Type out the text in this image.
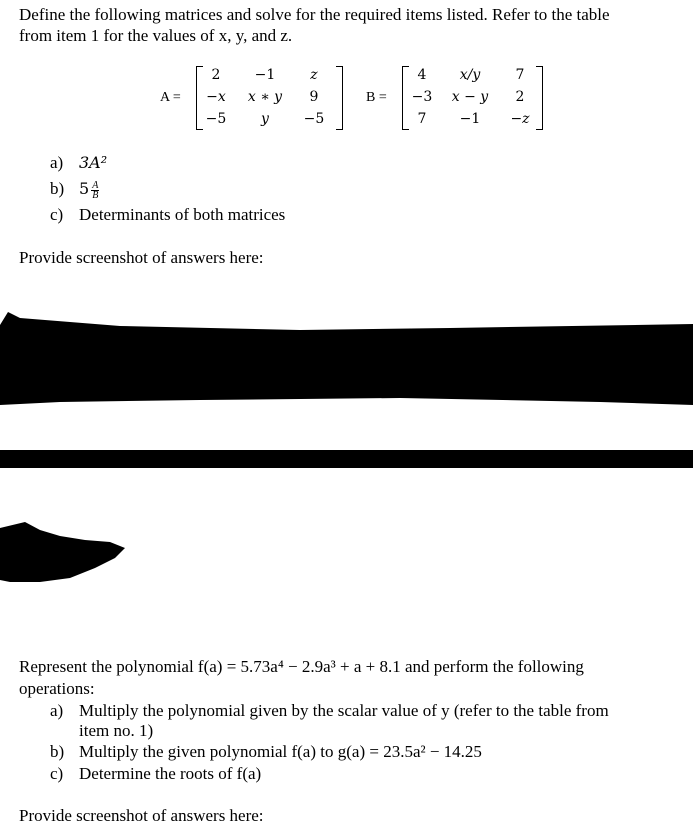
Define the following matrices and solve for the required items listed. Refer to the table
from item 1 for the values of x, y, and z.
A =
2	−1	z
−x	x ∗ y	9
−5	y	−5
B =
4	x/y	7
−3	x − y	2
7	−1	−z
a) 3A²
b) $5 \frac{A}{B}$
c) Determinants of both matrices
Provide screenshot of answers here:
Represent the polynomial f(a) = 5.73a⁴ − 2.9a³ + a + 8.1 and perform the following
operations:
a) Multiply the polynomial given by the scalar value of y (refer to the table from
item no. 1)
b) Multiply the given polynomial f(a) to g(a) = 23.5a² − 14.25
c) Determine the roots of f(a)
Provide screenshot of answers here:
